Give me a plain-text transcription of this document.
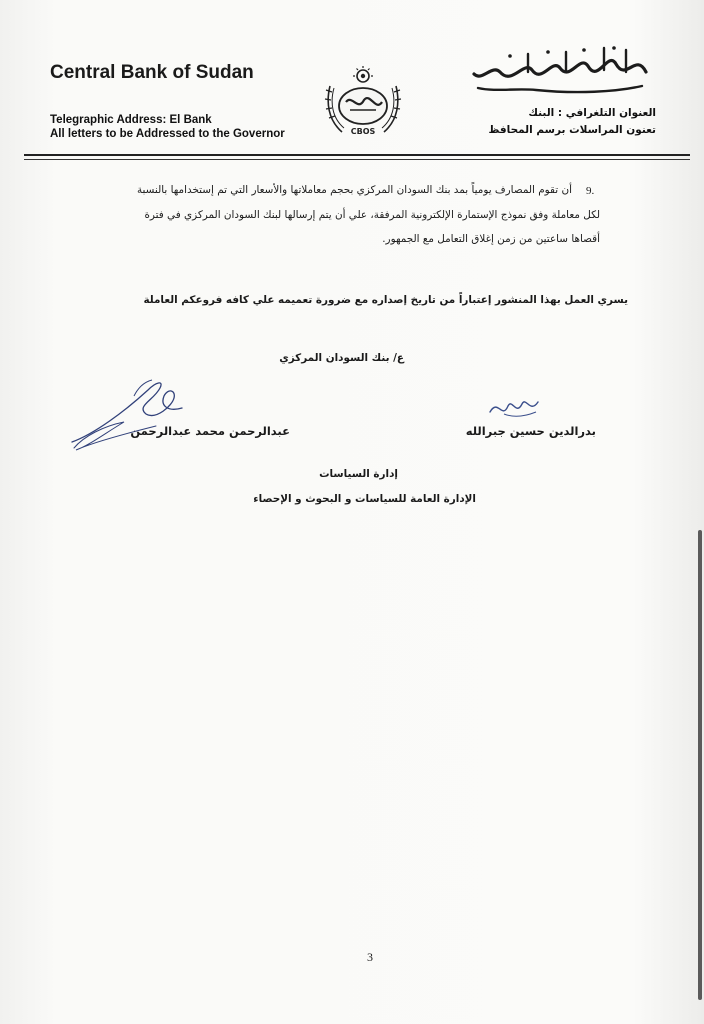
Central Bank of Sudan
Telegraphic Address: El Bank
All letters to be Addressed to the Governor
بنك السودان المركزي
العنوان التلغرافي : البنك
تعنون المراسلات برسم المحافظ
CBOS
بنك السودان المركزي
9.
أن تقوم المصارف يومياً بمد بنك السودان المركزي بحجم معاملاتها والأسعار التي تم إستخدامها بالنسبة
لكل معاملة وفق نموذج الإستمارة الإلكترونية المرفقة، علي أن يتم إرسالها لبنك السودان المركزي في فترة
أقصاها ساعتين من زمن إغلاق التعامل مع الجمهور.
يسري العمل بهذا المنشور إعتباراً من تاريخ إصداره مع ضرورة تعميمه علي كافه فروعكم العاملة
ع/ بنك السودان المركزي
بدرالدين حسين جبرالله
عبدالرحمن محمد عبدالرحمن
إدارة السياسات
الإدارة العامة للسياسات و البحوث و الإحصاء
3
